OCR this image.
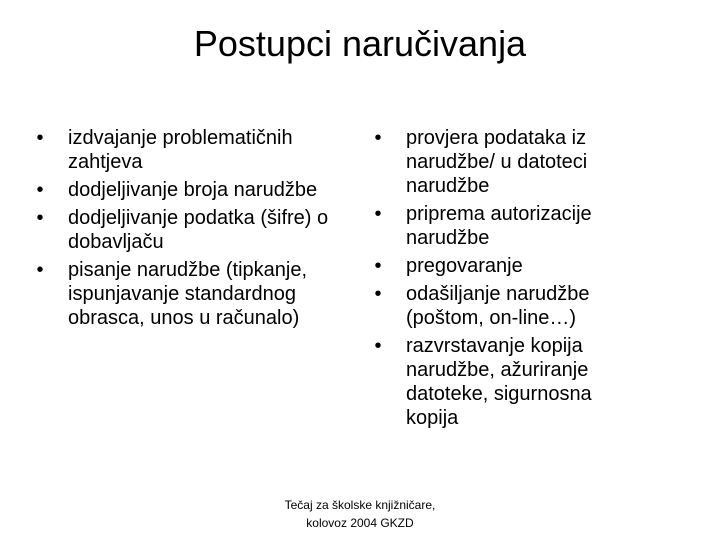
Postupci naručivanja
•	izdvajanje problematičnih zahtjeva
•	dodjeljivanje broja narudžbe
•	dodjeljivanje podatka (šifre) o dobavljaču
•	pisanje narudžbe (tipkanje, ispunjavanje standardnog obrasca, unos u računalo)
•	provjera podataka iz narudžbe/ u datoteci narudžbe
•	priprema autorizacije narudžbe
•	pregovaranje
•	odašiljanje narudžbe (poštom, on-line…)
•	razvrstavanje kopija narudžbe, ažuriranje datoteke, sigurnosna kopija
Tečaj za školske knjižničare,
kolovoz 2004 GKZD
